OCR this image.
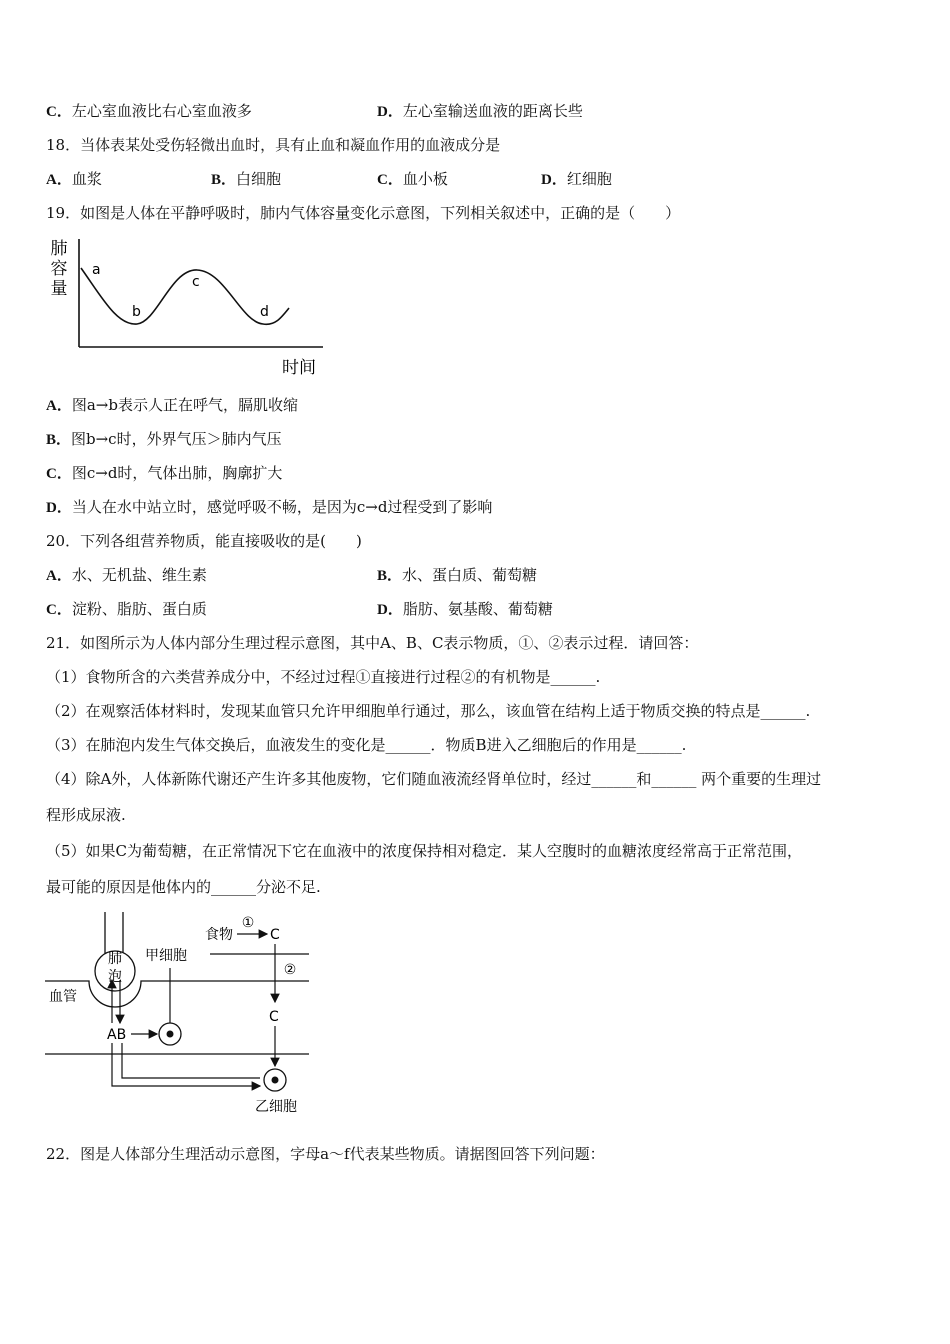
C．左心室血液比右心室血液多	D．左心室输送血液的距离长些
18．当体表某处受伤轻微出血时，具有止血和凝血作用的血液成分是
A．血浆	B．白细胞	C．血小板	D．红细胞
19．如图是人体在平静呼吸时，肺内气体容量变化示意图，下列相关叙述中，正确的是（　　）
肺
容
量
a
b
c
d
时间
A．图a→b表示人正在呼气，膈肌收缩
B．图b→c时，外界气压＞肺内气压
C．图c→d时，气体出肺，胸廓扩大
D．当人在水中站立时，感觉呼吸不畅，是因为c→d过程受到了影响
20．下列各组营养物质，能直接吸收的是(　　)
A．水、无机盐、维生素	B．水、蛋白质、葡萄糖
C．淀粉、脂肪、蛋白质	D．脂肪、氨基酸、葡萄糖
21．如图所示为人体内部分生理过程示意图，其中A、B、C表示物质，①、②表示过程．请回答：
（1）食物所含的六类营养成分中，不经过过程①直接进行过程②的有机物是______.
（2）在观察活体材料时，发现某血管只允许甲细胞单行通过，那么，该血管在结构上适于物质交换的特点是______.
（3）在肺泡内发生气体交换后，血液发生的变化是______．物质B进入乙细胞后的作用是______.
（4）除A外，人体新陈代谢还产生许多其他废物，它们随血液流经肾单位时，经过______和______ 两个重要的生理过
程形成尿液.
（5）如果C为葡萄糖，在正常情况下它在血液中的浓度保持相对稳定．某人空腹时的血糖浓度经常高于正常范围，
最可能的原因是他体内的______分泌不足.
肺
泡
血管
AB
甲细胞
食物
①
C
②
C
乙细胞
22．图是人体部分生理活动示意图，字母a～f代表某些物质。请据图回答下列问题：
